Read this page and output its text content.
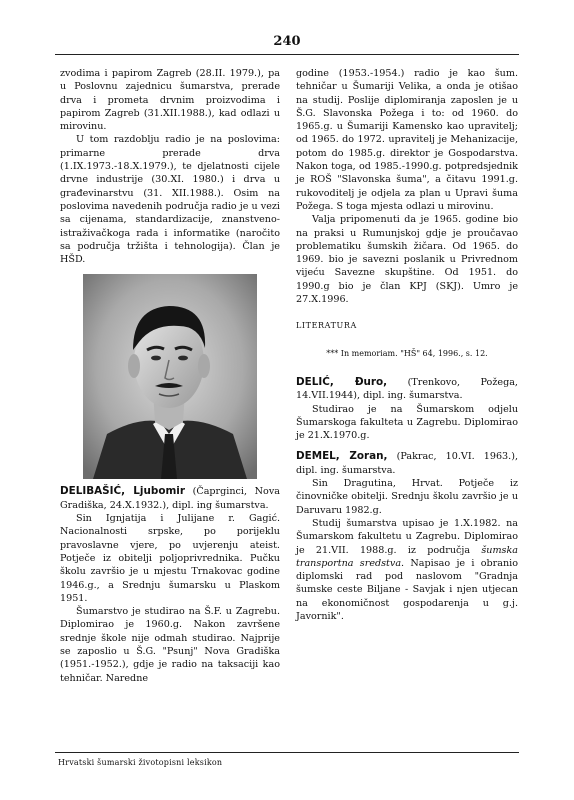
240

zvodima i papirom Zagreb (28.II. 1979.), pa u Poslovnu zajednicu šumarstva, prerade drva i prometa drvnim proizvodima i papirom Zagreb (31.XII.1988.), kad odlazi u mirovinu.

U tom razdoblju radio je na poslovima: primarne prerade drva (1.IX.1973.-18.X.1979.), te djelatnosti cijele drvne industrije (30.XI. 1980.) i drva u građevinarstvu (31. XII.1988.). Osim na poslovima navedenih područja radio je u vezi sa cijenama, standardizacije, znanstveno-istraživačkoga rada i informatike (naročito sa područja tržišta i tehnologija). Član je HŠD.

DELIBAŠIĆ, Ljubomir (Čaprginci, Nova Gradiška, 24.X.1932.), dipl. ing šumarstva.

Sin Ignjatija i Julijane r. Gagić. Nacionalnosti srpske, po porijeklu pravoslavne vjere, po uvjerenju ateist. Potječe iz obitelji poljoprivrednika. Pučku školu završio je u mjestu Trnakovac godine 1946.g., a Srednju šumarsku u Plaskom 1951.

Šumarstvo je studirao na Š.F. u Zagrebu. Diplomirao je 1960.g. Nakon završene srednje škole nije odmah studirao. Najprije se zaposlio u Š.G. "Psunj" Nova Gradiška (1951.-1952.), gdje je radio na taksaciji kao tehničar. Naredne

godine (1953.-1954.) radio je kao šum. tehničar u Šumariji Velika, a onda je otišao na studij. Poslije diplomiranja zaposlen je u Š.G. Slavonska Požega i to: od 1960. do 1965.g. u Šumariji Kamensko kao upravitelj; od 1965. do 1972. upravitelj je Mehanizacije, potom do 1985.g. direktor je Gospodarstva. Nakon toga, od 1985.-1990.g. potpredsjednik je ROŠ "Slavonska šuma", a čitavu 1991.g. rukovoditelj je odjela za plan u Upravi šuma Požega. S toga mjesta odlazi u mirovinu.

Valja pripomenuti da je 1965. godine bio na praksi u Rumunjskoj gdje je proučavao problematiku šumskih žičara. Od 1965. do 1969. bio je savezni poslanik u Privrednom vijeću Savezne skupštine. Od 1951. do 1990.g bio je član KPJ (SKJ). Umro je 27.X.1996.

LITERATURA
*** In memoriam. "HŠ" 64, 1996., s. 12.

DELIĆ, Đuro, (Trenkovo, Požega, 14.VII.1944), dipl. ing. šumarstva.

Studirao je na Šumarskom odjelu Šumarskoga fakulteta u Zagrebu. Diplomirao je 21.X.1970.g.

DEMEL, Zoran, (Pakrac, 10.VI. 1963.), dipl. ing. šumarstva.

Sin Dragutina, Hrvat. Potječe iz činovničke obitelji. Srednju školu završio je u Daruvaru 1982.g.

Studij šumarstva upisao je 1.X.1982. na Šumarskom fakultetu u Zagrebu. Diplomirao je 21.VII. 1988.g. iz područja šumska transportna sredstva. Napisao je i obranio diplomski rad pod naslovom "Gradnja šumske ceste Biljane - Savjak i njen utjecan na ekonomičnost gospodarenja u g.j. Javornik".

Hrvatski šumarski životopisni leksikon
